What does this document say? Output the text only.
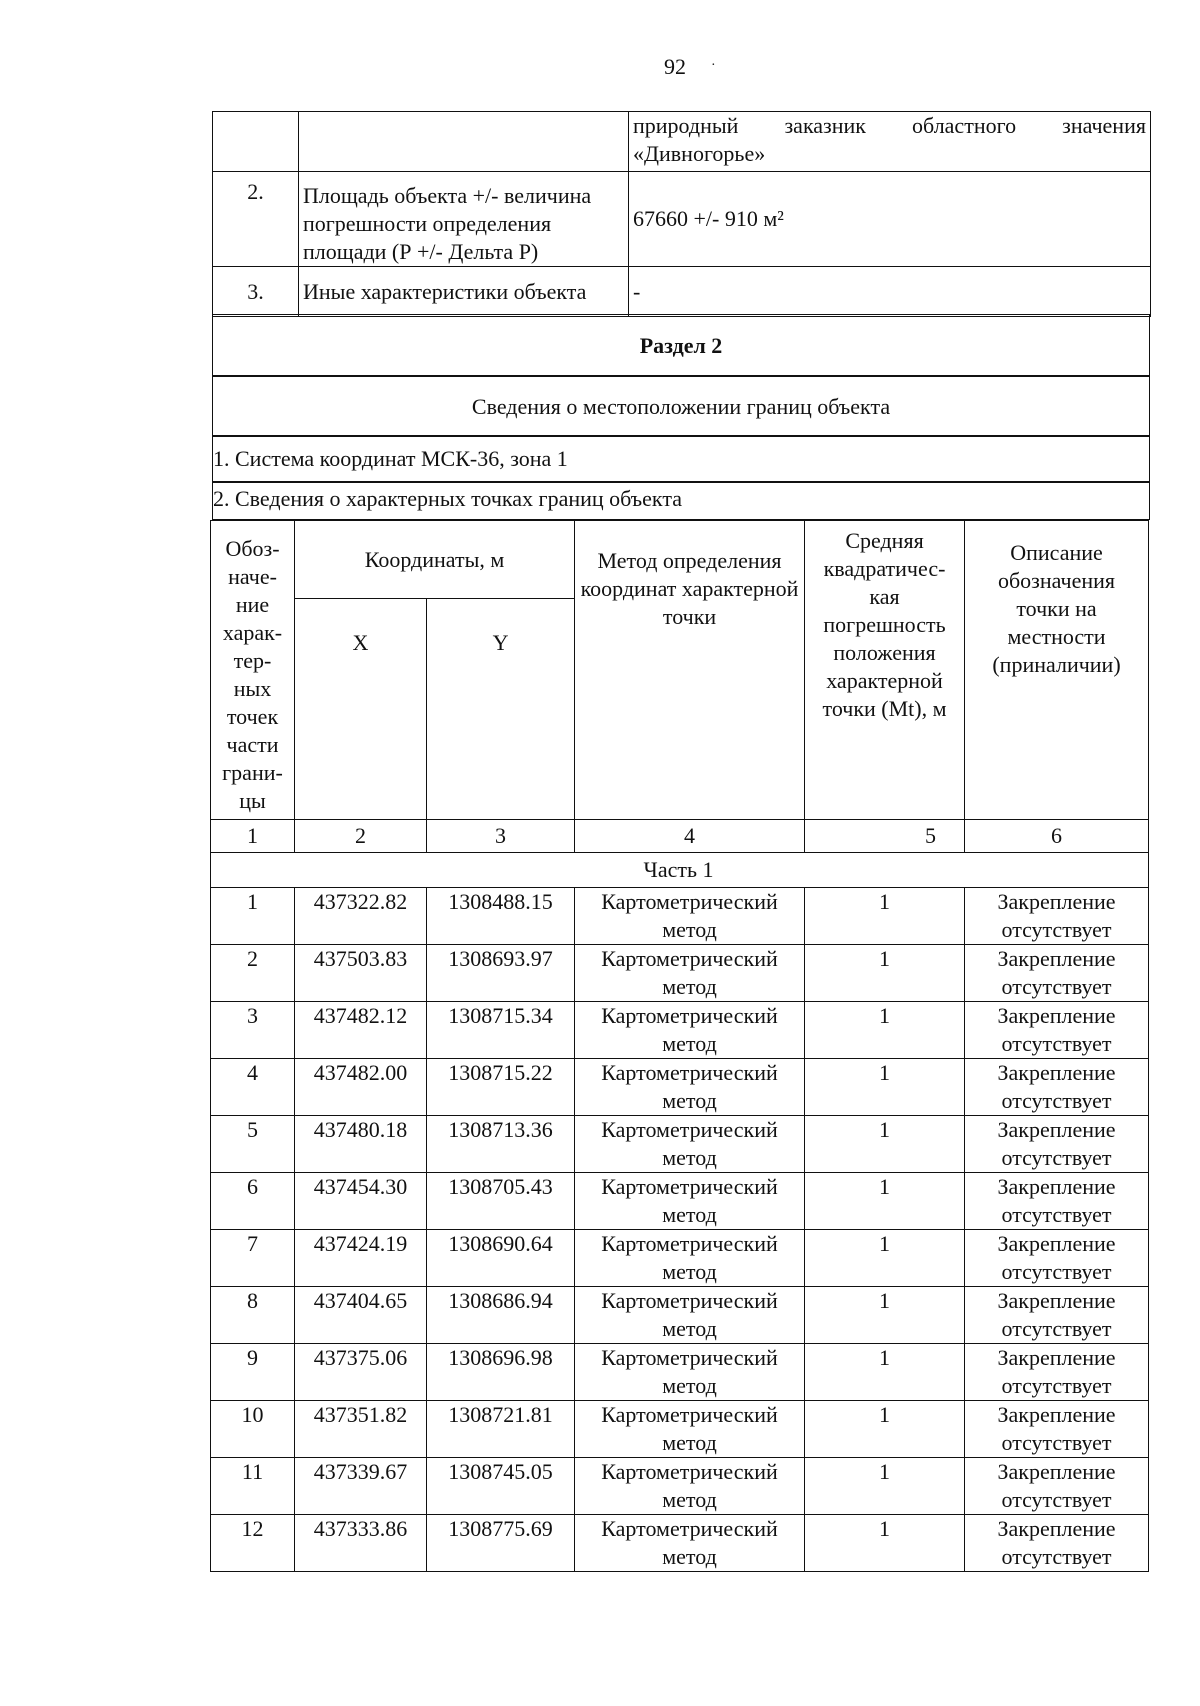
92	·

		природный заказник областного значения
«Дивногорье»

2.	Площадь объекта +/- величина погрешности определения площади (Р +/- Дельта Р)	67660 +/- 910 м²
3.	Иные характеристики объекта	-
Раздел 2
Сведения о местоположении границ объекта
1. Система координат МСК-36, зона 1
2. Сведения о характерных точках границ объекта
Обоз-наче-ние харак-тер-ных точек части грани-цы	Координаты, м		Метод определения координат характерной точки	Средняя квадратичес-кая погрешность положения характерной точки (Mt), м	Описание обозначения точки на местности (приналичии)
	X	Y			
1	2	3	4	5	6
Часть 1					
1	437322.82	1308488.15	Картометрический метод	1	Закрепление отсутствует
2	437503.83	1308693.97	Картометрический метод	1	Закрепление отсутствует
3	437482.12	1308715.34	Картометрический метод	1	Закрепление отсутствует
4	437482.00	1308715.22	Картометрический метод	1	Закрепление отсутствует
5	437480.18	1308713.36	Картометрический метод	1	Закрепление отсутствует
6	437454.30	1308705.43	Картометрический метод	1	Закрепление отсутствует
7	437424.19	1308690.64	Картометрический метод	1	Закрепление отсутствует
8	437404.65	1308686.94	Картометрический метод	1	Закрепление отсутствует
9	437375.06	1308696.98	Картометрический метод	1	Закрепление отсутствует
10	437351.82	1308721.81	Картометрический метод	1	Закрепление отсутствует
11	437339.67	1308745.05	Картометрический метод	1	Закрепление отсутствует
12	437333.86	1308775.69	Картометрический метод	1	Закрепление отсутствует
